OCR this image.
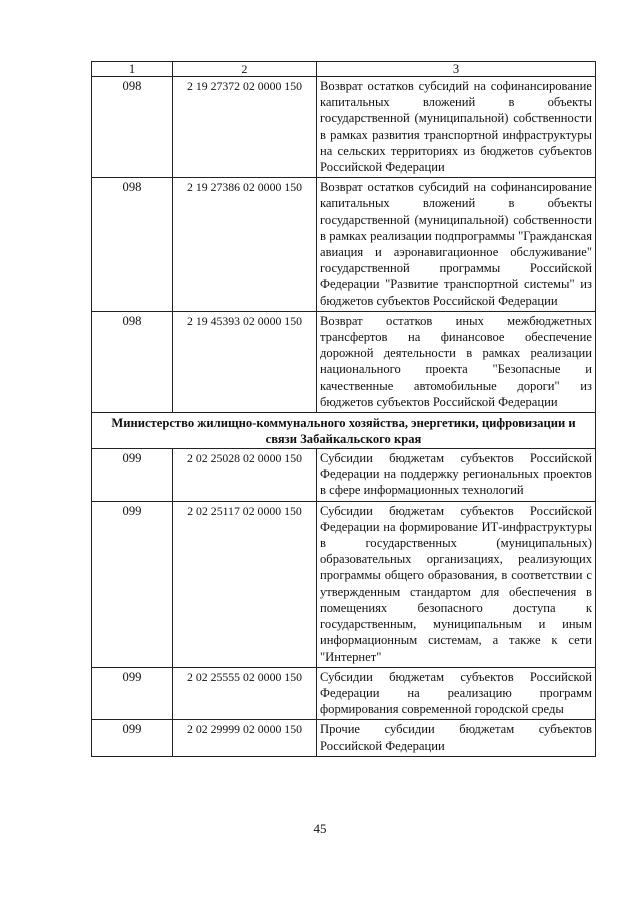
1	2	3
098	2 19 27372 02 0000 150	Возврат остатков субсидий на софинансирование капитальных вложений в объекты государственной (муниципальной) собственности в рамках развития транспортной инфраструктуры на сельских территориях из бюджетов субъектов Российской Федерации
098	2 19 27386 02 0000 150	Возврат остатков субсидий на софинансирование капитальных вложений в объекты государственной (муниципальной) собственности в рамках реализации подпрограммы "Гражданская авиация и аэронавигационное обслуживание" государственной программы Российской Федерации "Развитие транспортной системы" из бюджетов субъектов Российской Федерации
098	2 19 45393 02 0000 150	Возврат остатков иных межбюджетных трансфертов на финансовое обеспечение дорожной деятельности в рамках реализации национального проекта "Безопасные и качественные автомобильные дороги" из бюджетов субъектов Российской Федерации
Министерство жилищно-коммунального хозяйства, энергетики, цифровизации и связи Забайкальского края		
099	2 02 25028 02 0000 150	Субсидии бюджетам субъектов Российской Федерации на поддержку региональных проектов в сфере информационных технологий
099	2 02 25117 02 0000 150	Субсидии бюджетам субъектов Российской Федерации на формирование ИТ-инфраструктуры в государственных (муниципальных) образовательных организациях, реализующих программы общего образования, в соответствии с утвержденным стандартом для обеспечения в помещениях безопасного доступа к государственным, муниципальным и иным информационным системам, а также к сети "Интернет"
099	2 02 25555 02 0000 150	Субсидии бюджетам субъектов Российской Федерации на реализацию программ формирования современной городской среды
099	2 02 29999 02 0000 150	Прочие субсидии бюджетам субъектов Российской Федерации
45
